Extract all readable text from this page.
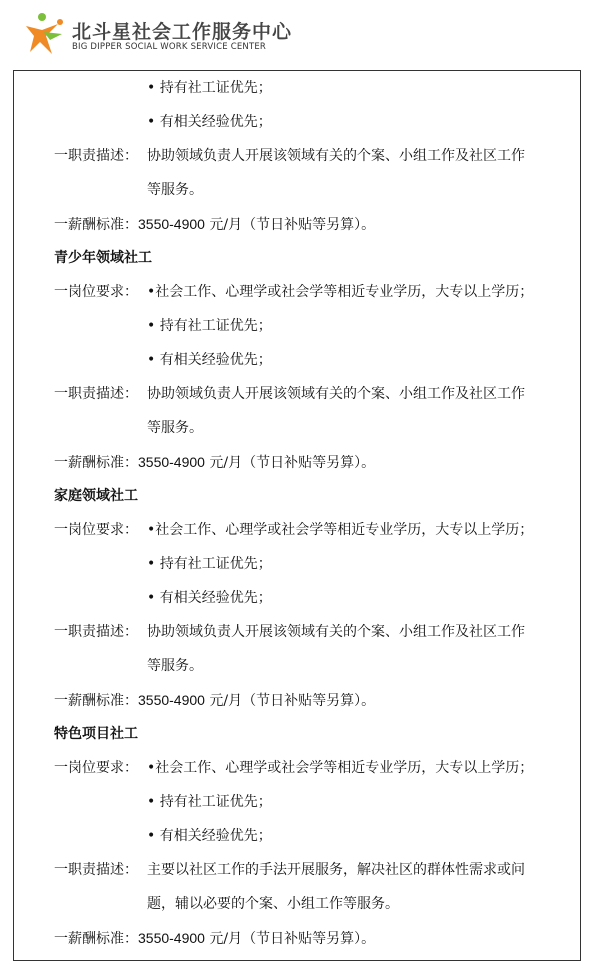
北斗星社会工作服务中心
BIG DIPPER SOCIAL WORK SERVICE CENTER
• 持有社工证优先；
• 有相关经验优先；
一职责描述： 协助领域负责人开展该领域有关的个案、小组工作及社区工作
等服务。
一薪酬标准：3550-4900 元/月（节日补贴等另算）。
青少年领域社工
一岗位要求： •社会工作、心理学或社会学等相近专业学历，大专以上学历；
• 持有社工证优先；
• 有相关经验优先；
一职责描述： 协助领域负责人开展该领域有关的个案、小组工作及社区工作
等服务。
一薪酬标准：3550-4900 元/月（节日补贴等另算）。
家庭领域社工
一岗位要求： •社会工作、心理学或社会学等相近专业学历，大专以上学历；
• 持有社工证优先；
• 有相关经验优先；
一职责描述： 协助领域负责人开展该领域有关的个案、小组工作及社区工作
等服务。
一薪酬标准：3550-4900 元/月（节日补贴等另算）。
特色项目社工
一岗位要求： •社会工作、心理学或社会学等相近专业学历，大专以上学历；
• 持有社工证优先；
• 有相关经验优先；
一职责描述： 主要以社区工作的手法开展服务，解决社区的群体性需求或问
题，辅以必要的个案、小组工作等服务。
一薪酬标准：3550-4900 元/月（节日补贴等另算）。
